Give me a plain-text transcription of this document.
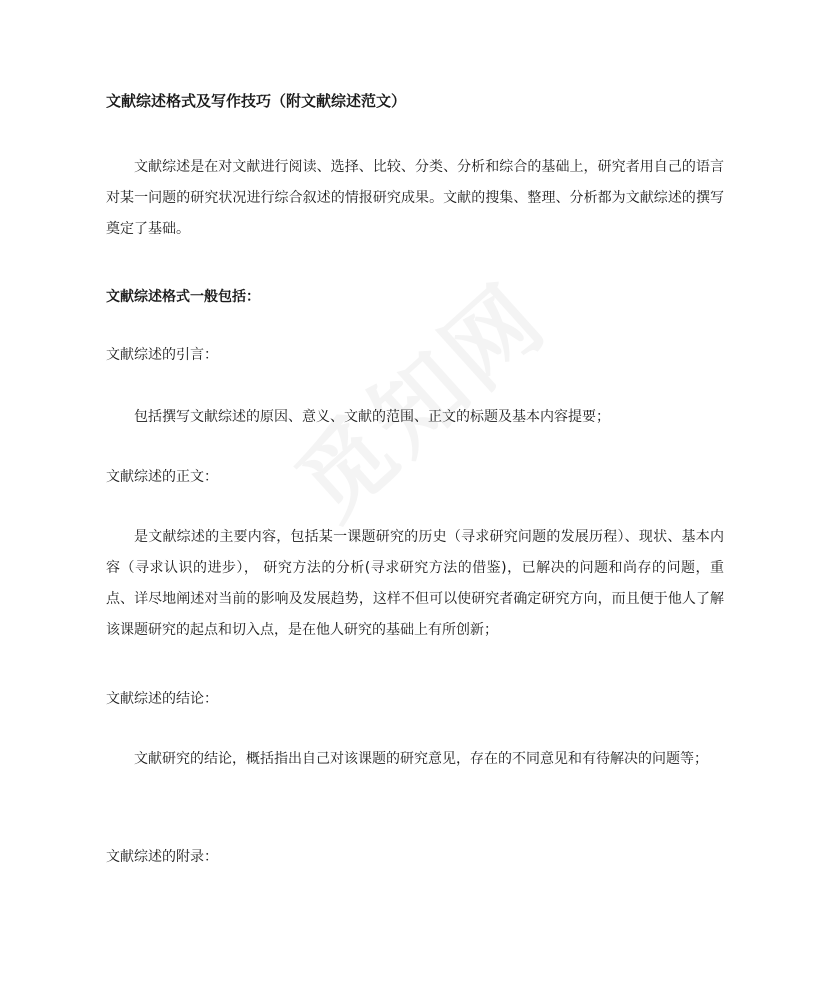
文献综述格式及写作技巧（附文献综述范文）

文献综述是在对文献进行阅读、选择、比较、分类、分析和综合的基础上，研究者用自己的语言对某一问题的研究状况进行综合叙述的情报研究成果。文献的搜集、整理、分析都为文献综述的撰写奠定了基础。

文献综述格式一般包括：

文献综述的引言：

包括撰写文献综述的原因、意义、文献的范围、正文的标题及基本内容提要；

文献综述的正文：

是文献综述的主要内容，包括某一课题研究的历史（寻求研究问题的发展历程）、现状、基本内容（寻求认识的进步）， 研究方法的分析(寻求研究方法的借鉴)，已解决的问题和尚存的问题，重点、详尽地阐述对当前的影响及发展趋势，这样不但可以使研究者确定研究方向，而且便于他人了解该课题研究的起点和切入点，是在他人研究的基础上有所创新；

文献综述的结论：

文献研究的结论，概括指出自己对该课题的研究意见，存在的不同意见和有待解决的问题等；

文献综述的附录：
